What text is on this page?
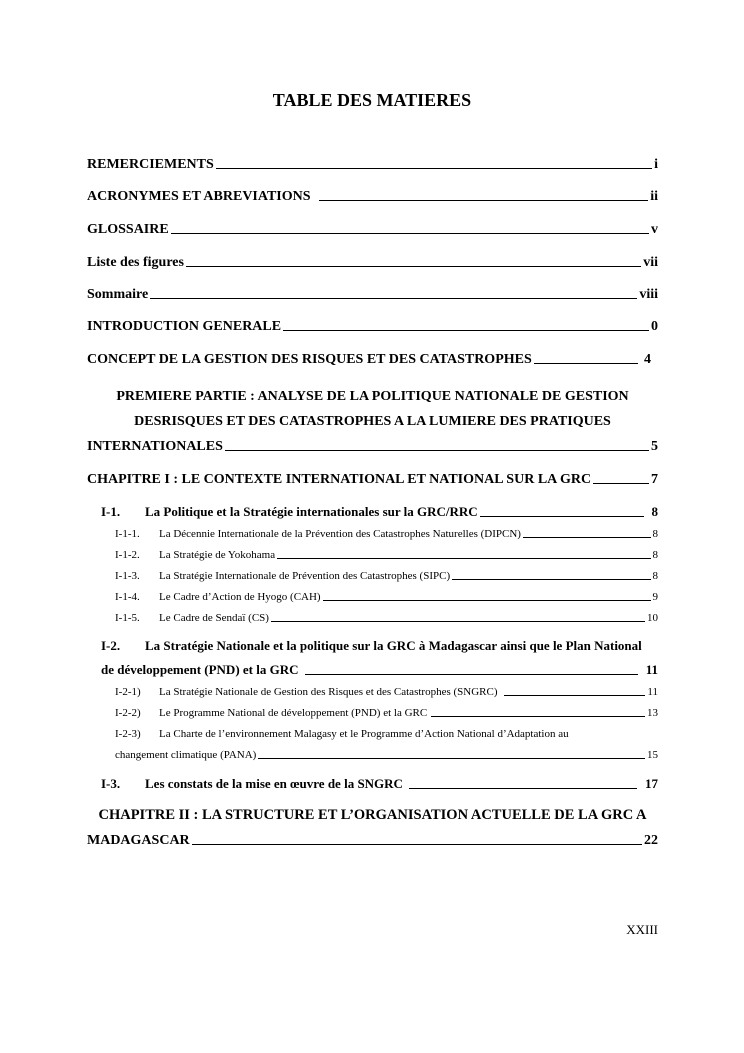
TABLE DES MATIERES
REMERCIEMENTS	i
ACRONYMES ET ABREVIATIONS	ii
GLOSSAIRE	v
Liste des figures	vii
Sommaire	viii
INTRODUCTION GENERALE	0
CONCEPT DE LA GESTION DES RISQUES ET DES CATASTROPHES	4
PREMIERE PARTIE : ANALYSE DE LA POLITIQUE NATIONALE DE GESTION
DESRISQUES ET DES CATASTROPHES A LA LUMIERE DES PRATIQUES
INTERNATIONALES	5
CHAPITRE I : LE CONTEXTE INTERNATIONAL ET NATIONAL SUR LA GRC	7
I-1. La Politique et la Stratégie internationales sur la GRC/RRC	8
I-1-1. La Décennie Internationale de la Prévention des Catastrophes Naturelles (DIPCN)	8
I-1-2. La Stratégie de Yokohama	8
I-1-3. La Stratégie Internationale de Prévention des Catastrophes (SIPC)	8
I-1-4. Le Cadre d’Action de Hyogo (CAH)	9
I-1-5. Le Cadre de Sendaï (CS)	10
I-2. La Stratégie Nationale et la politique sur la GRC à Madagascar ainsi que le Plan National
de développement (PND) et la GRC	11
I-2-1) La Stratégie Nationale de Gestion des Risques et des Catastrophes (SNGRC)	11
I-2-2) Le Programme National de développement (PND) et la GRC	13
I-2-3) La Charte de l’environnement Malagasy et le Programme d’Action National d’Adaptation au
changement climatique (PANA)	15
I-3. Les constats de la mise en œuvre de la SNGRC	17
CHAPITRE II : LA STRUCTURE ET L’ORGANISATION ACTUELLE DE LA GRC A
MADAGASCAR	22
XXIII
